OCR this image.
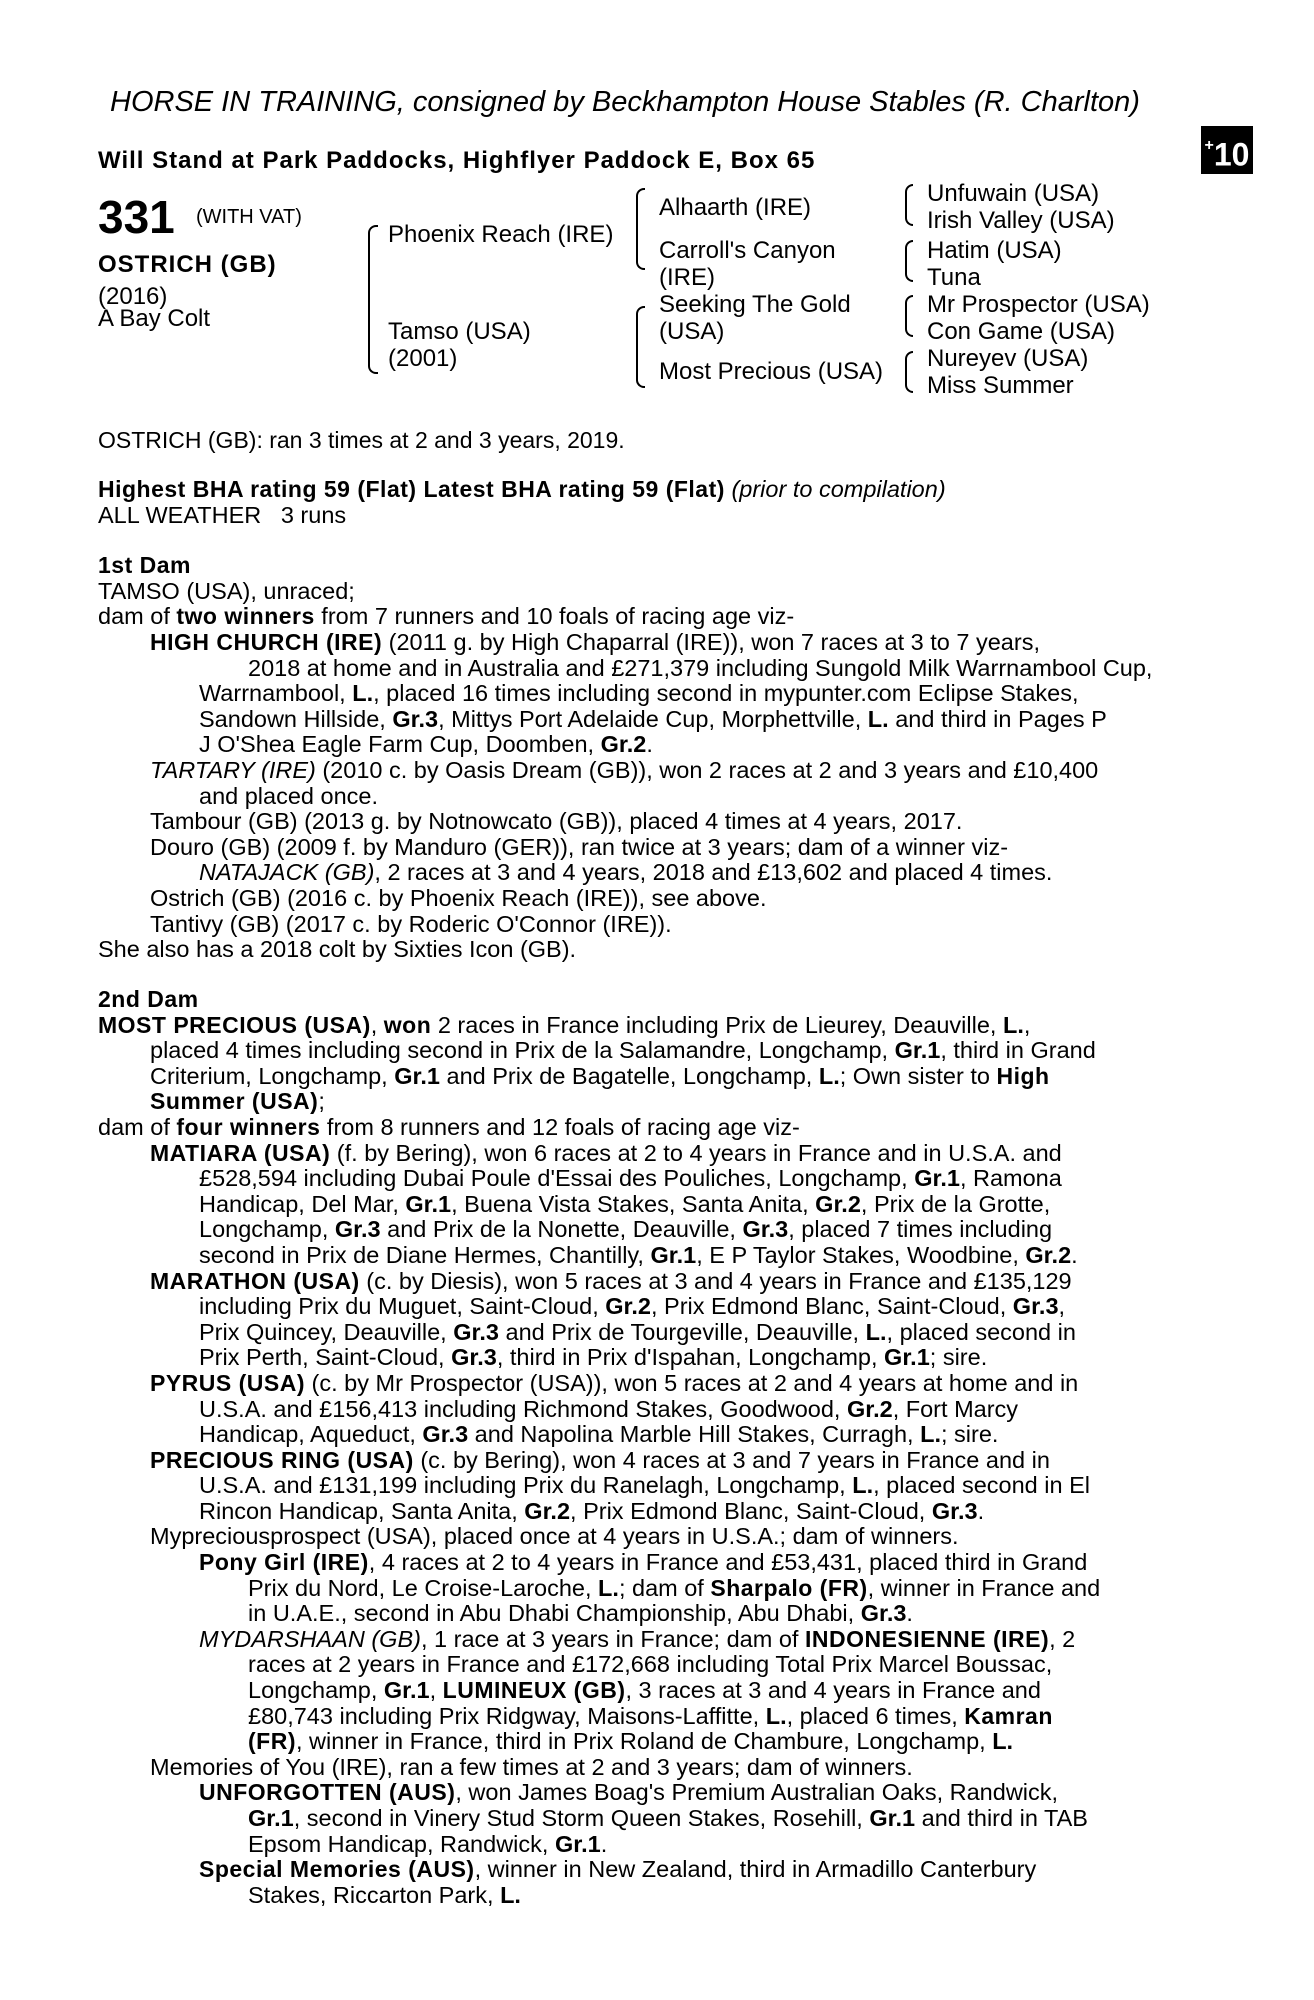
HORSE IN TRAINING, consigned by Beckhampton House Stables (R. Charlton)
+10
Will Stand at Park Paddocks, Highflyer Paddock E, Box 65
331 (WITH VAT)
OSTRICH (GB)
(2016)
A Bay Colt
Phoenix Reach (IRE)
Tamso (USA)
(2001)
Alhaarth (IRE)
Carroll's Canyon
(IRE)
Seeking The Gold
(USA)
Most Precious (USA)
Unfuwain (USA)
Irish Valley (USA)
Hatim (USA)
Tuna
Mr Prospector (USA)
Con Game (USA)
Nureyev (USA)
Miss Summer
OSTRICH (GB): ran 3 times at 2 and 3 years, 2019.
Highest BHA rating 59 (Flat) Latest BHA rating 59 (Flat) (prior to compilation)
ALL WEATHER 3 runs

1st Dam

TAMSO (USA), unraced;

dam of two winners from 7 runners and 10 foals of racing age viz-

HIGH CHURCH (IRE) (2011 g. by High Chaparral (IRE)), won 7 races at 3 to 7 years,

2018 at home and in Australia and £271,379 including Sungold Milk Warrnambool Cup,

Warrnambool, L., placed 16 times including second in mypunter.com Eclipse Stakes,

Sandown Hillside, Gr.3, Mittys Port Adelaide Cup, Morphettville, L. and third in Pages P

J O'Shea Eagle Farm Cup, Doomben, Gr.2.

TARTARY (IRE) (2010 c. by Oasis Dream (GB)), won 2 races at 2 and 3 years and £10,400

and placed once.

Tambour (GB) (2013 g. by Notnowcato (GB)), placed 4 times at 4 years, 2017.

Douro (GB) (2009 f. by Manduro (GER)), ran twice at 3 years; dam of a winner viz-

NATAJACK (GB), 2 races at 3 and 4 years, 2018 and £13,602 and placed 4 times.

Ostrich (GB) (2016 c. by Phoenix Reach (IRE)), see above.

Tantivy (GB) (2017 c. by Roderic O'Connor (IRE)).

She also has a 2018 colt by Sixties Icon (GB).

2nd Dam

MOST PRECIOUS (USA), won 2 races in France including Prix de Lieurey, Deauville, L.,

placed 4 times including second in Prix de la Salamandre, Longchamp, Gr.1, third in Grand

Criterium, Longchamp, Gr.1 and Prix de Bagatelle, Longchamp, L.; Own sister to High

Summer (USA);

dam of four winners from 8 runners and 12 foals of racing age viz-

MATIARA (USA) (f. by Bering), won 6 races at 2 to 4 years in France and in U.S.A. and

£528,594 including Dubai Poule d'Essai des Pouliches, Longchamp, Gr.1, Ramona

Handicap, Del Mar, Gr.1, Buena Vista Stakes, Santa Anita, Gr.2, Prix de la Grotte,

Longchamp, Gr.3 and Prix de la Nonette, Deauville, Gr.3, placed 7 times including

second in Prix de Diane Hermes, Chantilly, Gr.1, E P Taylor Stakes, Woodbine, Gr.2.

MARATHON (USA) (c. by Diesis), won 5 races at 3 and 4 years in France and £135,129

including Prix du Muguet, Saint-Cloud, Gr.2, Prix Edmond Blanc, Saint-Cloud, Gr.3,

Prix Quincey, Deauville, Gr.3 and Prix de Tourgeville, Deauville, L., placed second in

Prix Perth, Saint-Cloud, Gr.3, third in Prix d'Ispahan, Longchamp, Gr.1; sire.

PYRUS (USA) (c. by Mr Prospector (USA)), won 5 races at 2 and 4 years at home and in

U.S.A. and £156,413 including Richmond Stakes, Goodwood, Gr.2, Fort Marcy

Handicap, Aqueduct, Gr.3 and Napolina Marble Hill Stakes, Curragh, L.; sire.

PRECIOUS RING (USA) (c. by Bering), won 4 races at 3 and 7 years in France and in

U.S.A. and £131,199 including Prix du Ranelagh, Longchamp, L., placed second in El

Rincon Handicap, Santa Anita, Gr.2, Prix Edmond Blanc, Saint-Cloud, Gr.3.

Mypreciousprospect (USA), placed once at 4 years in U.S.A.; dam of winners.

Pony Girl (IRE), 4 races at 2 to 4 years in France and £53,431, placed third in Grand

Prix du Nord, Le Croise-Laroche, L.; dam of Sharpalo (FR), winner in France and

in U.A.E., second in Abu Dhabi Championship, Abu Dhabi, Gr.3.

MYDARSHAAN (GB), 1 race at 3 years in France; dam of INDONESIENNE (IRE), 2

races at 2 years in France and £172,668 including Total Prix Marcel Boussac,

Longchamp, Gr.1, LUMINEUX (GB), 3 races at 3 and 4 years in France and

£80,743 including Prix Ridgway, Maisons-Laffitte, L., placed 6 times, Kamran

(FR), winner in France, third in Prix Roland de Chambure, Longchamp, L.

Memories of You (IRE), ran a few times at 2 and 3 years; dam of winners.

UNFORGOTTEN (AUS), won James Boag's Premium Australian Oaks, Randwick,

Gr.1, second in Vinery Stud Storm Queen Stakes, Rosehill, Gr.1 and third in TAB

Epsom Handicap, Randwick, Gr.1.

Special Memories (AUS), winner in New Zealand, third in Armadillo Canterbury

Stakes, Riccarton Park, L.
